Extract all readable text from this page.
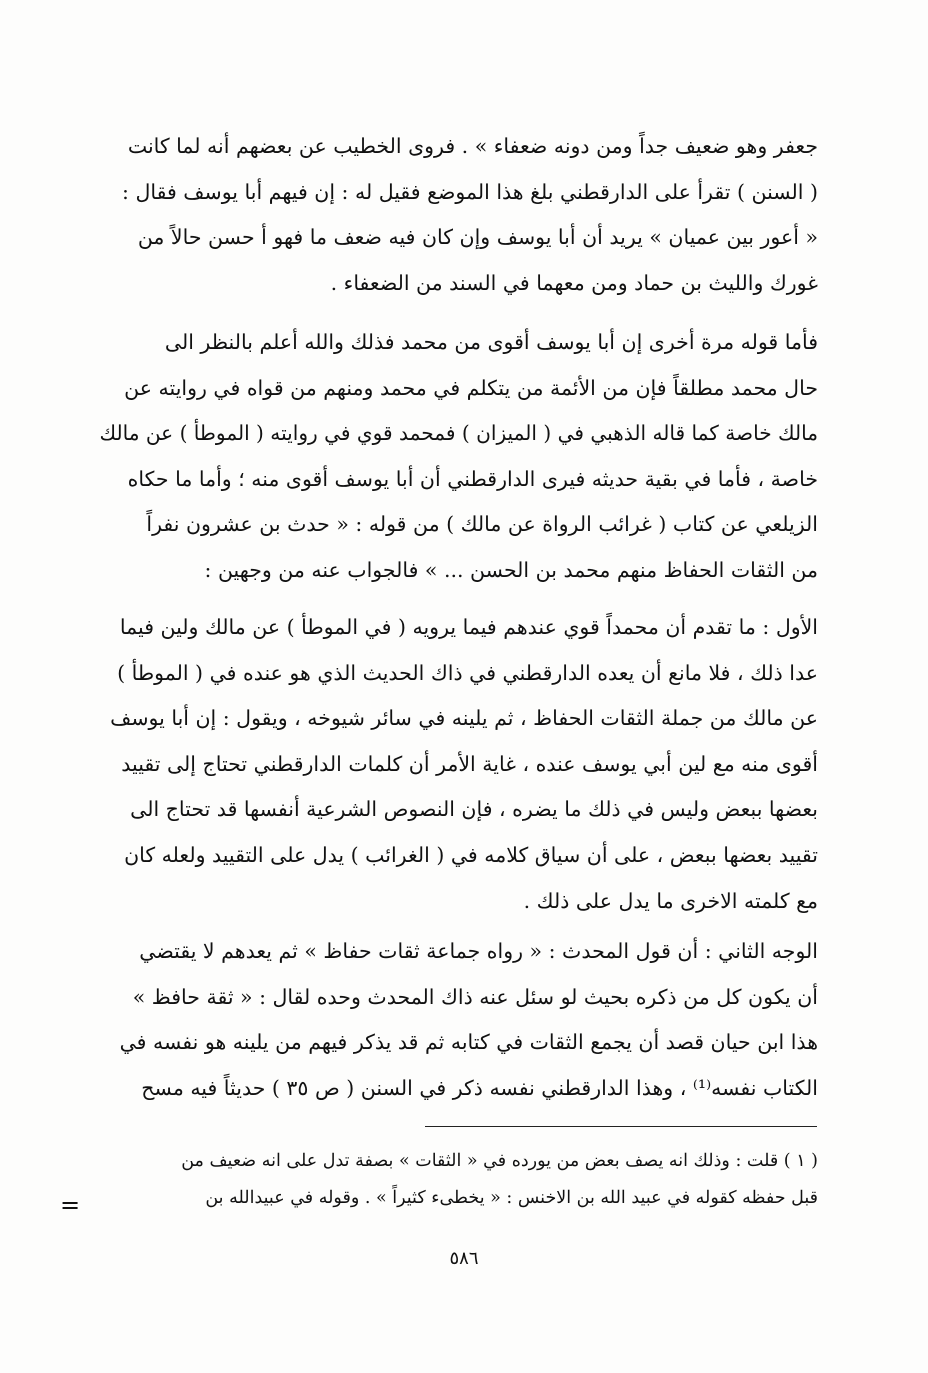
جعفر وهو ضعيف جداً ومن دونه ضعفاء » . فروى الخطيب عن بعضهم أنه لما كانت
( السنن ) تقرأ على الدارقطني بلغ هذا الموضع فقيل له : إن فيهم أبا يوسف فقال :
« أعور بين عميان » يريد أن أبا يوسف وإن كان فيه ضعف ما فهو أ حسن حالاً من
غورك والليث بن حماد ومن معهما في السند من الضعفاء .
فأما قوله مرة أخرى إن أبا يوسف أقوى من محمد فذلك والله أعلم بالنظر الى
حال محمد مطلقاً فإن من الأئمة من يتكلم في محمد ومنهم من قواه في روايته عن
مالك خاصة كما قاله الذهبي في ( الميزان ) فمحمد قوي في روايته ( الموطأ ) عن مالك
خاصة ، فأما في بقية حديثه فيرى الدارقطني أن أبا يوسف أقوى منه ؛ وأما ما حكاه
الزيلعي عن كتاب ( غرائب الرواة عن مالك ) من قوله : « حدث بن عشرون نفراً
من الثقات الحفاظ منهم محمد بن الحسن ... » فالجواب عنه من وجهين :
الأول : ما تقدم أن محمداً قوي عندهم فيما يرويه ( في الموطأ ) عن مالك ولين فيما
عدا ذلك ، فلا مانع أن يعده الدارقطني في ذاك الحديث الذي هو عنده في ( الموطأ )
عن مالك من جملة الثقات الحفاظ ، ثم يلينه في سائر شيوخه ، ويقول : إن أبا يوسف
أقوى منه مع لين أبي يوسف عنده ، غاية الأمر أن كلمات الدارقطني تحتاج إلى تقييد
بعضها ببعض وليس في ذلك ما يضره ، فإن النصوص الشرعية أنفسها قد تحتاج الى
تقييد بعضها ببعض ، على أن سياق كلامه في ( الغرائب ) يدل على التقييد ولعله كان
مع كلمته الاخرى ما يدل على ذلك .
الوجه الثاني : أن قول المحدث : « رواه جماعة ثقات حفاظ » ثم يعدهم لا يقتضي
أن يكون كل من ذكره بحيث لو سئل عنه ذاك المحدث وحده لقال : « ثقة حافظ »
هذا ابن حيان قصد أن يجمع الثقات في كتابه ثم قد يذكر فيهم من يلينه هو نفسه في
الكتاب نفسه⁽¹⁾ ، وهذا الدارقطني نفسه ذكر في السنن ( ص ٣٥ ) حديثاً فيه مسح
( ١ ) قلت : وذلك انه يصف بعض من يورده في « الثقات » بصفة تدل على انه ضعيف من
قبل حفظه كقوله في عبيد الله بن الاخنس : « يخطىء كثيراً » . وقوله في عبيدالله بن
=
٥٨٦
